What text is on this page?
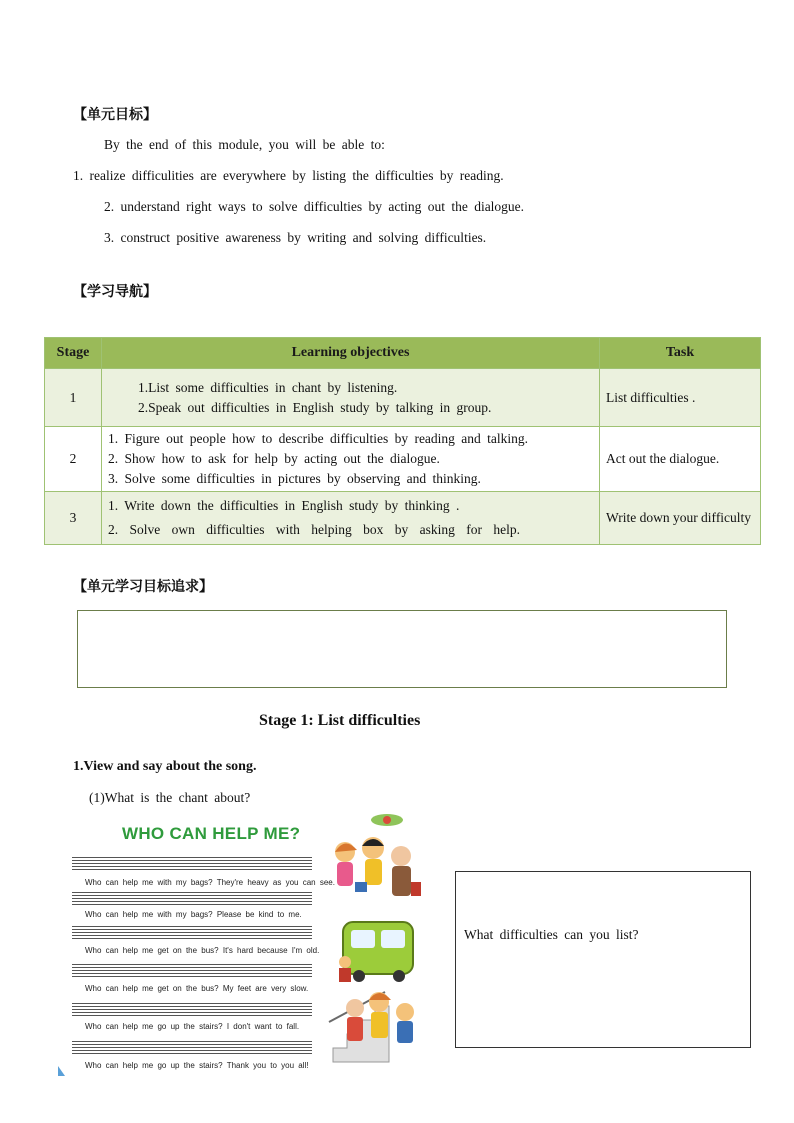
【单元目标】
By the end of this module, you will be able to:
1. realize difficulities are everywhere by listing the difficulties by reading.
2. understand right ways to solve difficulties by acting out the dialogue.
3. construct positive awareness by writing and solving difficulties.
【学习导航】
Stage	Learning objectives	Task
1	1.List some difficulties in chant by listening.
2.Speak out difficulties in English study by talking in group.	List difficulties .
2	1. Figure out people how to describe difficulties by reading and talking.
2. Show how to ask for help by acting out the dialogue.
3. Solve some difficulties in pictures by observing and thinking.	Act out the dialogue.
3	1. Write down the difficulties in English study by thinking .
2. Solve own difficulties with helping box by asking for help.	Write down your difficulty
【单元学习目标追求】
Stage 1: List difficulties
1.View and say about the song.
(1)What is the chant about?
WHO CAN HELP ME?
Who can help me with my bags? They're heavy as you can see.
Who can help me with my bags? Please be kind to me.
Who can help me get on the bus? It's hard because I'm old.
Who can help me get on the bus? My feet are very slow.
Who can help me go up the stairs? I don't want to fall.
Who can help me go up the stairs? Thank you to you all!
What difficulties can you list?
